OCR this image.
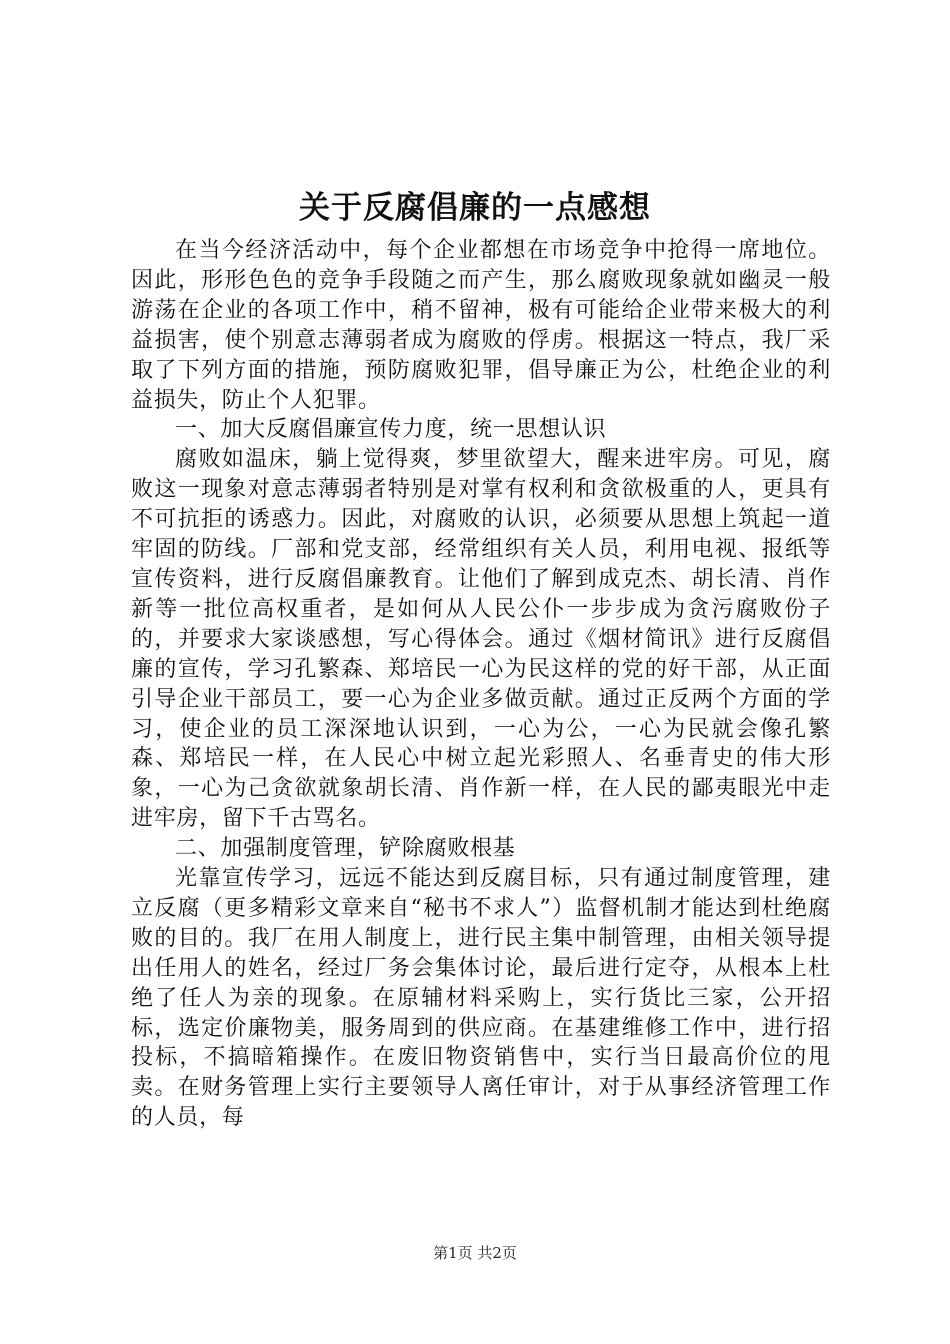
关于反腐倡廉的一点感想

在当今经济活动中，每个企业都想在市场竞争中抢得一席地位。因此，形形色色的竞争手段随之而产生，那么腐败现象就如幽灵一般游荡在企业的各项工作中，稍不留神，极有可能给企业带来极大的利益损害，使个别意志薄弱者成为腐败的俘虏。根据这一特点，我厂采取了下列方面的措施，预防腐败犯罪，倡导廉正为公，杜绝企业的利益损失，防止个人犯罪。

一、加大反腐倡廉宣传力度，统一思想认识

腐败如温床，躺上觉得爽，梦里欲望大，醒来进牢房。可见，腐败这一现象对意志薄弱者特别是对掌有权利和贪欲极重的人，更具有不可抗拒的诱惑力。因此，对腐败的认识，必须要从思想上筑起一道牢固的防线。厂部和党支部，经常组织有关人员，利用电视、报纸等宣传资料，进行反腐倡廉教育。让他们了解到成克杰、胡长清、肖作新等一批位高权重者，是如何从人民公仆一步步成为贪污腐败份子的，并要求大家谈感想，写心得体会。通过《烟材简讯》进行反腐倡廉的宣传，学习孔繁森、郑培民一心为民这样的党的好干部，从正面引导企业干部员工，要一心为企业多做贡献。通过正反两个方面的学习，使企业的员工深深地认识到，一心为公，一心为民就会像孔繁森、郑培民一样，在人民心中树立起光彩照人、名垂青史的伟大形象，一心为己贪欲就象胡长清、肖作新一样，在人民的鄙夷眼光中走进牢房，留下千古骂名。

二、加强制度管理，铲除腐败根基

光靠宣传学习，远远不能达到反腐目标，只有通过制度管理，建立反腐（更多精彩文章来自“秘书不求人”）监督机制才能达到杜绝腐败的目的。我厂在用人制度上，进行民主集中制管理，由相关领导提出任用人的姓名，经过厂务会集体讨论，最后进行定夺，从根本上杜绝了任人为亲的现象。在原辅材料采购上，实行货比三家，公开招标，选定价廉物美，服务周到的供应商。在基建维修工作中，进行招投标，不搞暗箱操作。在废旧物资销售中，实行当日最高价位的甩卖。在财务管理上实行主要领导人离任审计，对于从事经济管理工作的人员，每

第1页 共2页
